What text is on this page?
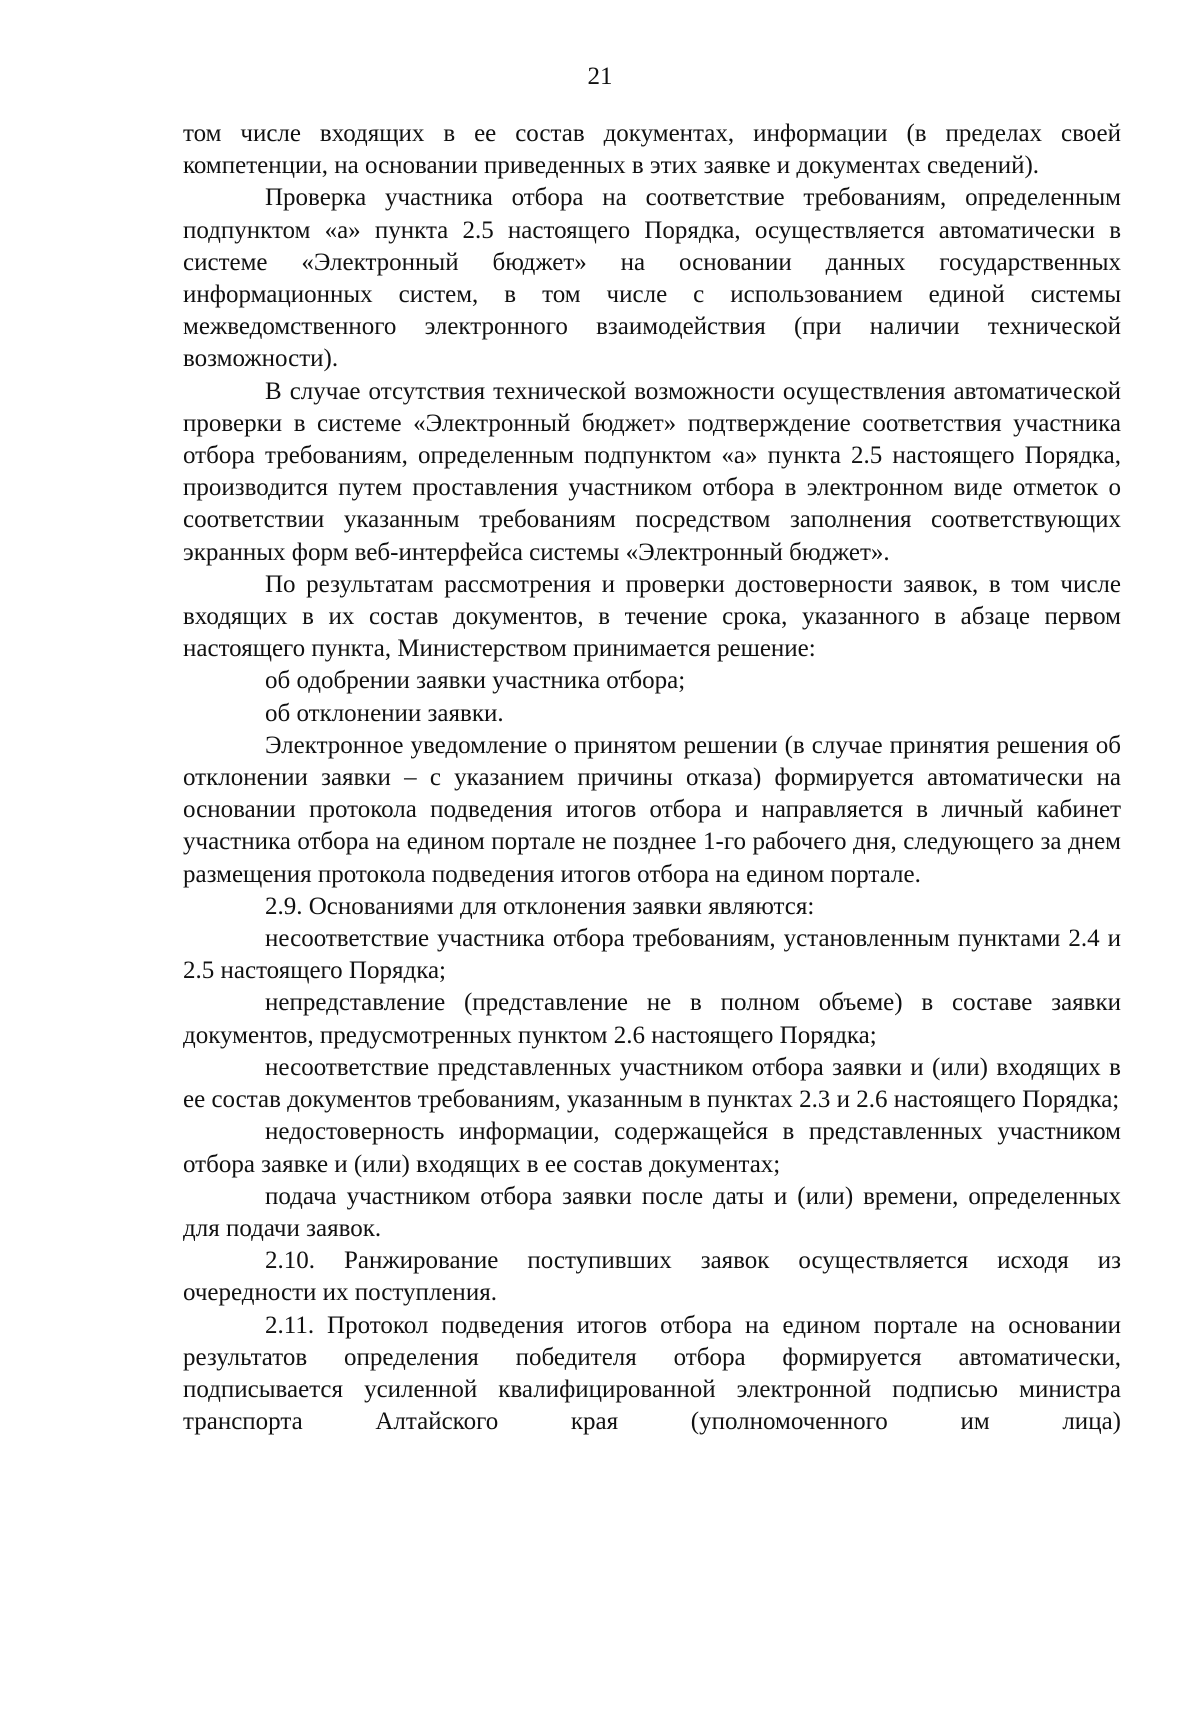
21

том числе входящих в ее состав документах, информации (в пределах своей компетенции, на основании приведенных в этих заявке и документах сведений).

Проверка участника отбора на соответствие требованиям, определенным подпунктом «а» пункта 2.5 настоящего Порядка, осуществляется автоматически в системе «Электронный бюджет» на основании данных государственных информационных систем, в том числе с использованием единой системы межведомственного электронного взаимодействия (при наличии технической возможности).

В случае отсутствия технической возможности осуществления автоматической проверки в системе «Электронный бюджет» подтверждение соответствия участника отбора требованиям, определенным подпунктом «а» пункта 2.5 настоящего Порядка, производится путем проставления участником отбора в электронном виде отметок о соответствии указанным требованиям посредством заполнения соответствующих экранных форм веб-интерфейса системы «Электронный бюджет».

По результатам рассмотрения и проверки достоверности заявок, в том числе входящих в их состав документов, в течение срока, указанного в абзаце первом настоящего пункта, Министерством принимается решение:

об одобрении заявки участника отбора;

об отклонении заявки.

Электронное уведомление о принятом решении (в случае принятия решения об отклонении заявки – с указанием причины отказа) формируется автоматически на основании протокола подведения итогов отбора и направляется в личный кабинет участника отбора на едином портале не позднее 1-го рабочего дня, следующего за днем размещения протокола подведения итогов отбора на едином портале.

2.9. Основаниями для отклонения заявки являются:

несоответствие участника отбора требованиям, установленным пунктами 2.4 и 2.5 настоящего Порядка;

непредставление (представление не в полном объеме) в составе заявки документов, предусмотренных пунктом 2.6 настоящего Порядка;

несоответствие представленных участником отбора заявки и (или) входящих в ее состав документов требованиям, указанным в пунктах 2.3 и 2.6 настоящего Порядка;

недостоверность информации, содержащейся в представленных участником отбора заявке и (или) входящих в ее состав документах;

подача участником отбора заявки после даты и (или) времени, определенных для подачи заявок.

2.10. Ранжирование поступивших заявок осуществляется исходя из очередности их поступления.

2.11. Протокол подведения итогов отбора на едином портале на основании результатов определения победителя отбора формируется автоматически, подписывается усиленной квалифицированной электронной подписью министра транспорта Алтайского края (уполномоченного им лица)
